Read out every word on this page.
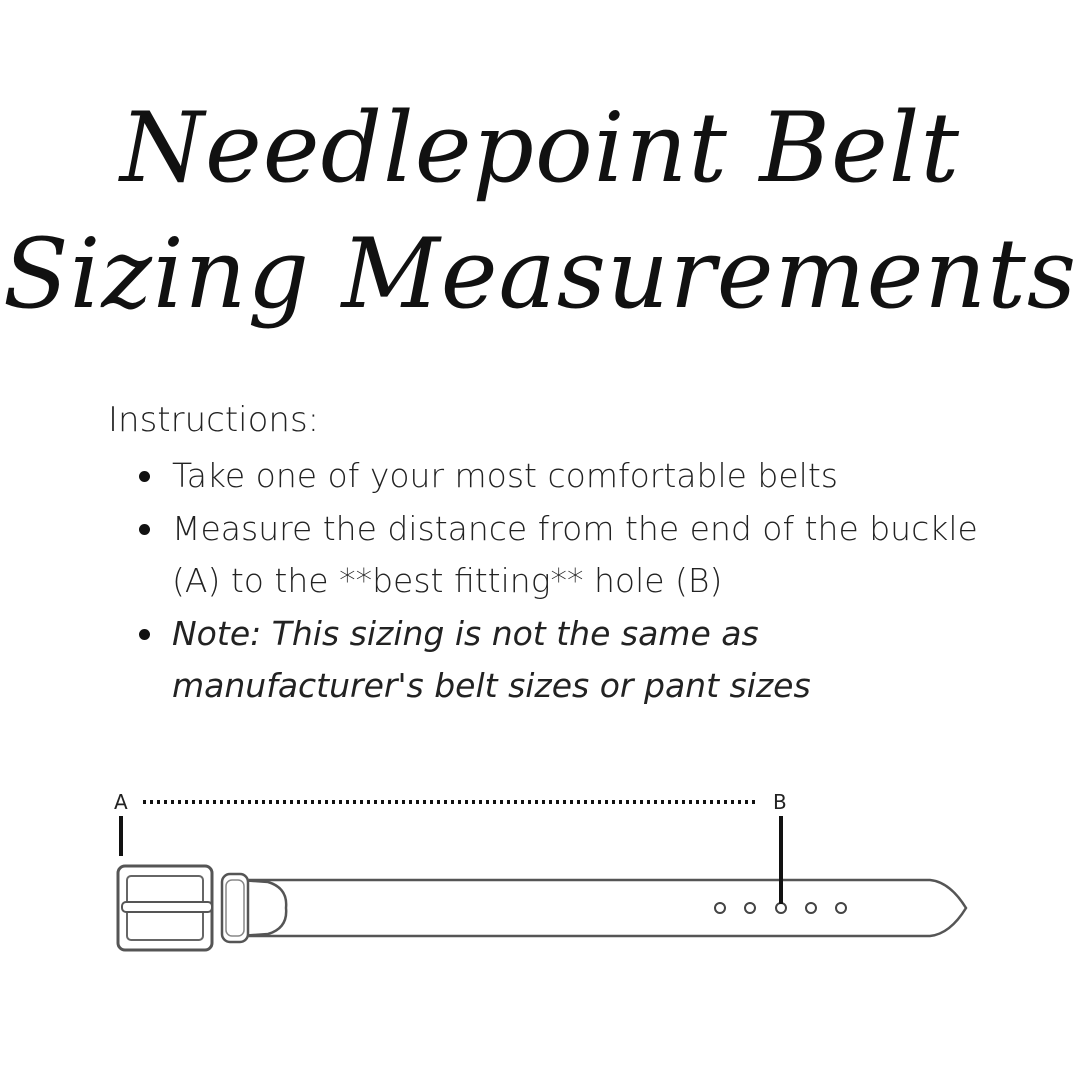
Needlepoint Belt
Sizing Measurements
Instructions:
Take one of your most comfortable belts
Measure the distance from the end of the buckle (A) to the **best fitting** hole (B)
Note: This sizing is not the same as manufacturer's belt sizes or pant sizes
A	B
